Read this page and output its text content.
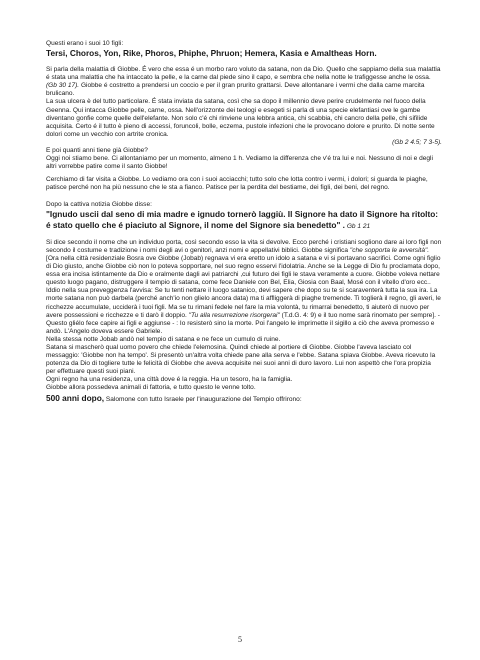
Questi erano i suoi 10 figli:

Tersi, Choros, Yon, Rike, Phoros, Phiphe, Phruon; Hemera, Kasia e Amaltheas Horn.

Si parla della malattia di Giobbe. É vero che essa é un morbo raro voluto da satana, non da Dio. Quello che sappiamo della sua malattia é stata una malattia che ha intaccato la pelle, e la carne dal piede sino il capo, e sembra che nella notte le trafiggesse anche le ossa. (Gb 30 17). Giobbe é costretto a prendersi un coccio e per il gran prurito grattarsi. Deve allontanare i vermi che dalla carne marcita brulicano.

La sua ulcera è del tutto particolare. É stata inviata da satana, così che sa dopo il millennio deve perire crudelmente nel fuoco della Geenna. Qui intacca Giobbe pelle, carne, ossa. Nell'orizzonte dei teologi e esegeti si parla di una specie elefantiasi ove le gambe diventano gonfie come quelle dell'elefante. Non solo c'é chi rinviene una lebbra antica, chi scabbia, chi cancro della pelle, chi sifilide acquisita. Certo é il tutto è pieno di accessi, foruncoli, bolle, eczema, pustole infezioni che le provocano dolore e prurito. Di notte sente dolori come un vecchio con artrite cronica.

(Gb 2 4.5; 7 3-5).

E poi quanti anni tiene già Giobbe?

Oggi noi stiamo bene. Ci allontaniamo per un momento, almeno 1 h. Vediamo la differenza che v'é tra lui e noi. Nessuno di noi e degli altri vorrebbe patire come il santo Giobbe!

Cerchiamo di far visita a Giobbe. Lo vediamo ora con i suoi acciacchi; tutto solo che lotta contro i vermi, i dolori; si guarda le piaghe, patisce perché non ha più nessuno che le sta a fianco. Patisce per la perdita del bestiame, dei figli, dei beni, del regno.

Dopo la cattiva notizia Giobbe disse:

"Ignudo uscii dal seno di mia madre e ignudo tornerò laggiù. Il Signore ha dato il Signore ha ritolto: é stato quello che é piaciuto al Signore, il nome del Signore sia benedetto" . Gb 1 21

Si dice secondo il nome che un individuo porta, così secondo esso la vita si devolve. Ecco perché i cristiani sogliono dare ai loro figli non secondo il costume e tradizione i nomi degli avi o genitori, anzi nomi e appellativi biblici. Giobbe significa "che sopporta le avversità".
[Ora nella città residenziale Bosra ove Giobbe (Jobab) regnava vi era eretto un idolo a satana e vi si portavano sacrifici. Come ogni figlio di Dio giusto, anche Giobbe ciò non lo poteva sopportare, nel suo regno esservi l'idolatria. Anche se la Legge di Dio fu proclamata dopo, essa era incisa istintamente da Dio e oralmente dagli avi patriarchi ,cui futuro dei figli le stava veramente a cuore. Giobbe voleva nettare questo luogo pagano, distruggere il tempio di satana, come fece Daniele con Bel, Elia, Giosia con Baal, Mosé con il vitello d'oro ecc.. Iddio nella sua preveggenza l'avvisa: Se tu tenti nettare il luogo satanico, devi sapere che dopo su te si scaraventerà tutta la sua ira. La morte satana non può darbela (perché anch'io non glielo ancora data) ma ti affliggerà di piaghe tremende. Ti toglierà il regno, gli averi, le ricchezze accumulate, ucciderà i tuoi figli. Ma se tu rimani fedele nel fare la mia volontà, tu rimarrai benedetto, ti aiuterò di nuovo per avere possessioni e ricchezze e ti darò il doppio. "Tu alla resurrezione risorgerai" (T.d.G. 4: 9) e il tuo nome sarà rinomato per sempre]. - Questo gliélo fece capire ai figli e aggiunse - : Io resisterò sino la morte. Poi l'angelo le imprimette il sigillo a ciò che aveva promesso e andò. L'Angelo doveva essere Gabriele.

Nella stessa notte Jobab andò nel tempio di satana e ne fece un cumulo di ruine.

Satana si mascherò qual uomo povero che chiede l'elemosina. Quindi chiede al portiere di Giobbe. Giobbe l'aveva lasciato col messaggio: 'Giobbe non ha tempo'. Si presentò un'altra volta chiede pane alla serva e l'ebbe. Satana spiava Giobbe. Aveva ricevuto la potenza da Dio di togliere tutte le felicità di Giobbe che aveva acquisite nei suoi anni di duro lavoro. Lui non aspettò che l'ora propizia per effettuare questi suoi piani.

Ogni regno ha una residenza, una città dove é la reggia. Ha un tesoro, ha la famiglia.

Giobbe allora possedeva animali di fattoria, e tutto questo le venne tolto.

500 anni dopo, Salomone con tutto Israele per l'inaugurazione del Tempio offrirono:

5
